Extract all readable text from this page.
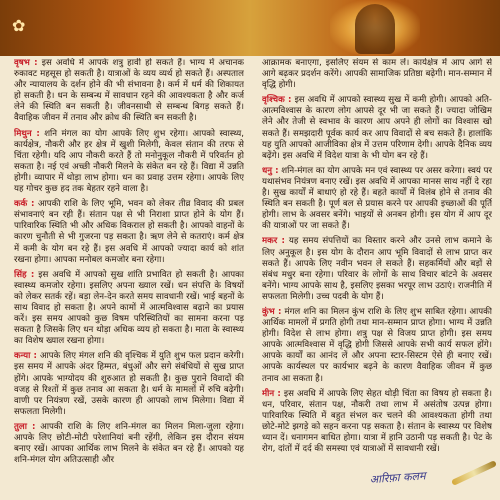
✿
वृषभ : इस अवधि में आपके शत्रु हावी हो सकते हैं। भाग्य में अचानक रुकावट महसूस हो सकती है। यात्राओं के व्यय व्यर्थ हो सकते हैं। अस्पताल और न्यायालय के दर्शन होने की भी संभावना है। कर्म में धर्म की शिकायत हो सकती है। धन के सम्बन्ध में सावधान रहने की आवश्यकता है और कर्ज लेने की स्थिति बन सकती है। जीवनसाथी से सम्बन्ध बिगड़ सकते हैं। वैवाहिक जीवन में तनाव और क्रोध की स्थिति बन सकती है।
मिथुन : शनि मंगल का योग आपके लिए शुभ रहेगा। आपको स्वास्थ्य, कार्यक्षेत्र, नौकरी और हर क्षेत्र में खुशी मिलेगी, केवल संतान की तरफ से चिंता रहेगी। यदि आप नौकरी करते हैं तो मनोनुकूल नौकरी में परिवर्तन हो सकता है। नई एवं अच्छी नौकरी मिलने के संकेत बन रहे हैं। विद्या में उन्नति होगी। व्यापार में थोड़ा लाभ होगा। धन का प्रवाह उत्तम रहेगा। आपके लिए यह गोचर कुछ हद तक बेहतर रहने वाला है।
कर्क : आपकी राशि के लिए भूमि, भवन को लेकर तीव्र विवाद की प्रबल संभावनाएं बन रही हैं। संतान पक्ष से भी निराशा प्राप्त होने के योग हैं। पारिवारिक स्थिति भी और अधिक विकराल हो सकती है। आपको वाहनों के कारण चुनौती से भी गुजरना पड़ सकता है। ऋण लेने से कतराएं। कर्म क्षेत्र में कमी के योग बन रहे हैं। इस अवधि में आपको ज्यादा कार्य को शांत रखना होगा। आपका मनोबल कमजोर बना रहेगा।
सिंह : इस अवधि में आपको सुख शांति प्रभावित हो सकती है। आपका स्वास्थ्य कमजोर रहेगा। इसलिए अपना ख्याल रखें। धन संपत्ति के विषयों को लेकर सतर्क रहें। बड़ा लेन-देन करते समय सावधानी रखें। भाई बहनों के साथ विवाद हो सकता है। अपने कामों में आत्मविश्वास बढ़ाने का प्रयास करें। इस समय आपको कुछ विषम परिस्थितियों का सामना करना पड़ सकता है जिसके लिए धन थोड़ा अधिक व्यय हो सकता है। माता के स्वास्थ्य का विशेष ख्याल रखना होगा।
कन्या : आपके लिए मंगल शनि की वृश्चिक में युति शुभ फल प्रदान करेगी। इस समय में आपके अंदर हिम्मत, बंधुओं और सगे संबंधियों से सुख प्राप्त होंगे। आपके भाग्योदय की शुरुआत हो सकती है। कुछ पुराने विवादों की वजह से रिश्तों में कुछ तनाव आ सकता है। धर्म के मामलों में रुचि बढ़ेगी। वाणी पर नियंत्रण रखें, उसके कारण ही आपको लाभ मिलेगा। विद्या में सफलता मिलेगी।
तुला : आपकी राशि के लिए शनि-मंगल का मिलन मिला-जुला रहेगा। आपके लिए छोटी-मोटी परेशानियां बनी रहेंगी, लेकिन इस दौरान संयम बनाए रखें। आपका आर्थिक लाभ मिलने के संकेत बन रहे हैं। आपको यह शनि-मंगल योग अतिउत्साही और
आक्रामक बनाएगा, इसलिए संयम से काम लें। कार्यक्षेत्र में आप आगे से आगे बढ़कर प्रदर्शन करेंगे। आपकी सामाजिक प्रतिष्ठा बढ़ेगी। मान-सम्मान में वृद्धि होगी।
वृश्चिक : इस अवधि में आपको स्वास्थ्य सुख में कमी होगी। आपको अति-आत्मविश्वास के कारण लोग आपसे दूर भी जा सकते हैं। ज्यादा जोखिम लेने और तेजी से स्वभाव के कारण आप अपने ही लोगों का विश्वास खो सकते हैं। समझदारी पूर्वक कार्य कर आप विवादों से बच सकते हैं। हालांकि यह युति आपको आजीविका क्षेत्र में उत्तम परिणाम देगी। आपके दैनिक व्यय बढ़ेंगे। इस अवधि में विदेश यात्रा के भी योग बन रहे हैं।
धनु : शनि-मंगल का योग आपके मन एवं स्वास्थ्य पर असर करेगा। स्वयं पर यथासंभव नियंत्रण बनाए रखें। इस अवधि में आपका मानस साथ नहीं दे रहा है। सुख कार्यों में बाधाएं हो रहे हैं। बहते कार्यों में विलंब होने से तनाव की स्थिति बन सकती है। पूर्ण बल से प्रयास करने पर आपकी इच्छाओं की पूर्ति होगी। लाभ के अवसर बनेंगे। भाइयों से अनबन होगी। इस योग में आप दूर की यात्राओं पर जा सकते हैं।
मकर : यह समय संपत्तियों का विस्तार करने और उनसे लाभ कमाने के लिए अनुकूल है। इस योग के दौरान आप भूमि विवादों से लाभ प्राप्त कर सकते हैं। आपके लिए नवीन भवन ले सकते हैं। सहकर्मियों और बड़ों से संबंध मधुर बना रहेगा। परिवार के लोगों के साथ विचार बांटने के अवसर बनेंगे। भाग्य आपके साथ है, इसलिए इसका भरपूर लाभ उठाएं। राजनीति में सफलता मिलेगी। उच्च पदवी के योग हैं।
कुंभ : मंगल शनि का मिलन कुंभ राशि के लिए शुभ साबित रहेगा। आपकी आर्थिक मामलों में प्रगति होगी तथा मान-सम्मान प्राप्त होगा। भाग्य में उन्नति होगी। विदेश से लाभ होगा। शत्रु पक्ष से विजय प्राप्त होगी। इस समय आपके आत्मविश्वास में वृद्धि होगी जिससे आपके सभी कार्य सफल होंगे। आपके कार्यों का आनंद लें और अपना स्टार-सिस्टम ऐसे ही बनाए रखें। आपके कार्यस्थल पर कार्यभार बढ़ने के कारण वैवाहिक जीवन में कुछ तनाव आ सकता है।
मीन : इस अवधि में आपके लिए सेहत थोड़ी चिंता का विषय हो सकता है। धन, परिवार, संतान पक्ष, नौकरी तथा लाभ में असंतोष उत्पन्न होगा। पारिवारिक स्थिति में बहुत संभल कर चलने की आवश्यकता होगी तथा छोटे-मोटे झगड़े को सहन करना पड़ सकता है। संतान के स्वास्थ्य पर विशेष ध्यान दें। धनागमन बाधित होगा। यात्रा में हानि उठानी पड़ सकती है। पेट के रोग, दांतों में दर्द की समस्या एवं यात्राओं में सावधानी रखें।
आरिफ़ा कलम
